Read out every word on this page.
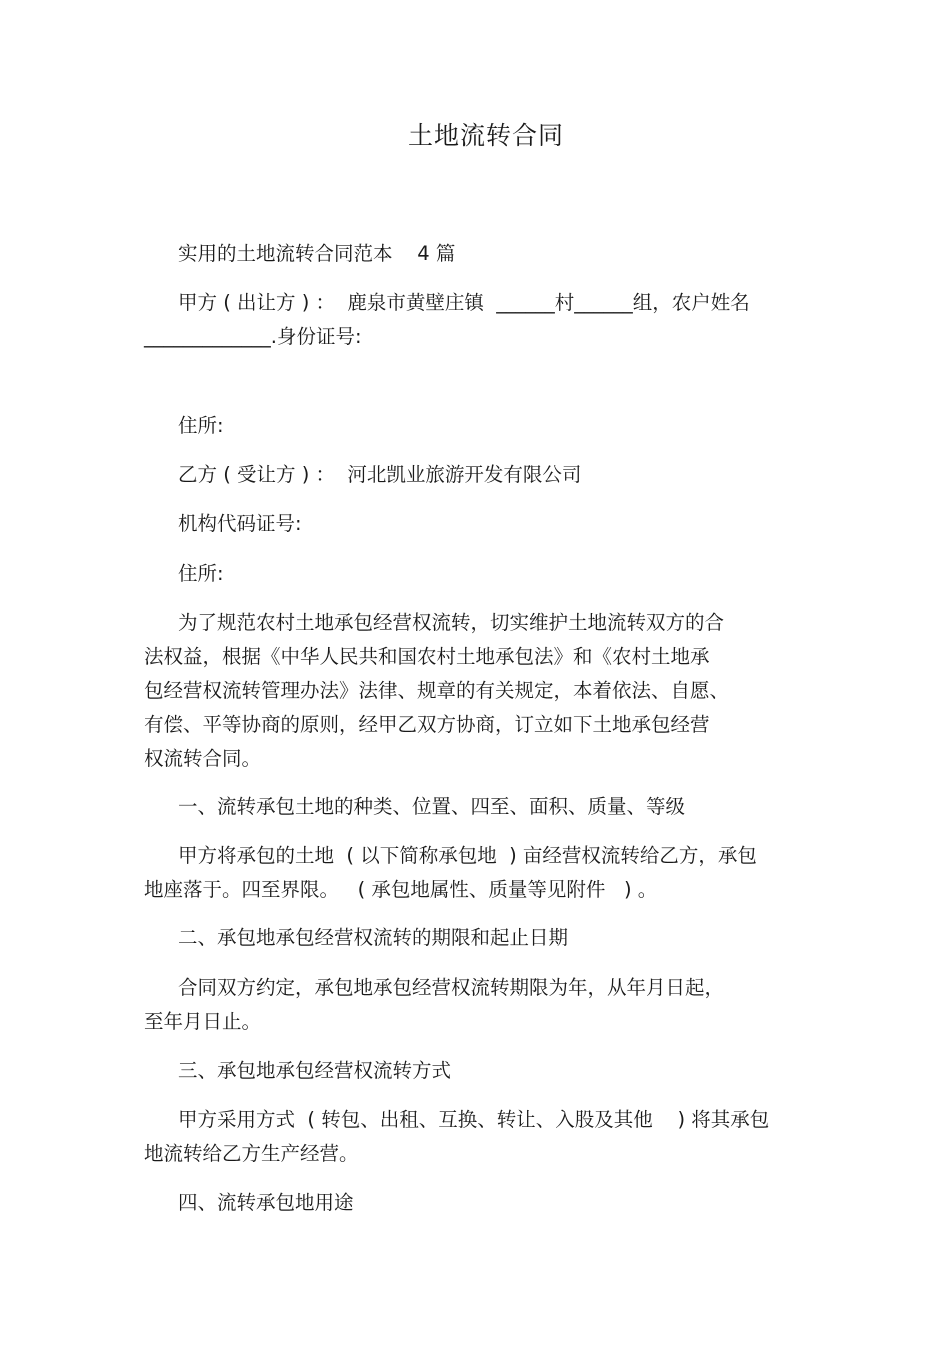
土地流转合同
实用的土地流转合同范本    4 篇
甲方 ( 出让方 ) ：  鹿泉市黄壁庄镇  ______村______组，农户姓名
_____________.身份证号:
住所:
乙方 ( 受让方 ) ：  河北凯业旅游开发有限公司
机构代码证号:
住所:
为了规范农村土地承包经营权流转，切实维护土地流转双方的合
法权益，根据《中华人民共和国农村土地承包法》和《农村土地承
包经营权流转管理办法》法律、规章的有关规定，本着依法、自愿、
有偿、平等协商的原则，经甲乙双方协商，订立如下土地承包经营
权流转合同。
一、流转承包土地的种类、位置、四至、面积、质量、等级
甲方将承包的土地  ( 以下简称承包地  ) 亩经营权流转给乙方，承包
地座落于。四至界限。   ( 承包地属性、质量等见附件   ) 。
二、承包地承包经营权流转的期限和起止日期
合同双方约定，承包地承包经营权流转期限为年，从年月日起，
至年月日止。
三、承包地承包经营权流转方式
甲方采用方式  ( 转包、出租、互换、转让、入股及其他    ) 将其承包
地流转给乙方生产经营。
四、流转承包地用途
